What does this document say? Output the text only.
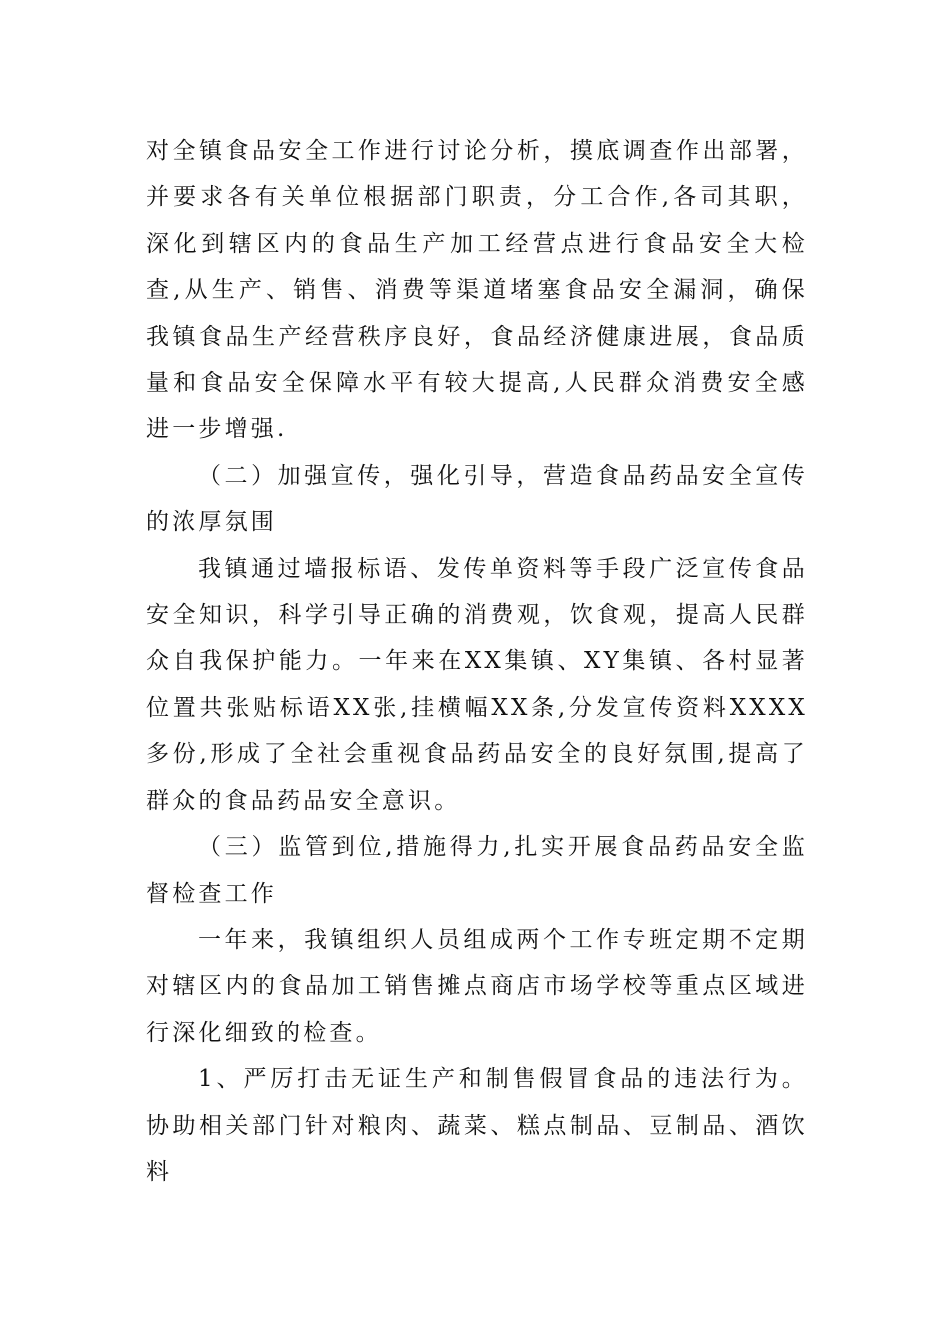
对全镇食品安全工作进行讨论分析，摸底调查作出部署，并要求各有关单位根据部门职责，分工合作,各司其职，深化到辖区内的食品生产加工经营点进行食品安全大检查,从生产、销售、消费等渠道堵塞食品安全漏洞，确保我镇食品生产经营秩序良好，食品经济健康进展，食品质量和食品安全保障水平有较大提高,人民群众消费安全感进一步增强.

（二）加强宣传，强化引导，营造食品药品安全宣传的浓厚氛围

我镇通过墙报标语、发传单资料等手段广泛宣传食品安全知识，科学引导正确的消费观，饮食观，提高人民群众自我保护能力。一年来在XX集镇、XY集镇、各村显著位置共张贴标语XX张,挂横幅XX条,分发宣传资料XXXX多份,形成了全社会重视食品药品安全的良好氛围,提高了群众的食品药品安全意识。

（三）监管到位,措施得力,扎实开展食品药品安全监督检查工作

一年来，我镇组织人员组成两个工作专班定期不定期对辖区内的食品加工销售摊点商店市场学校等重点区域进行深化细致的检查。

1、严厉打击无证生产和制售假冒食品的违法行为。协助相关部门针对粮肉、蔬菜、糕点制品、豆制品、酒饮料
